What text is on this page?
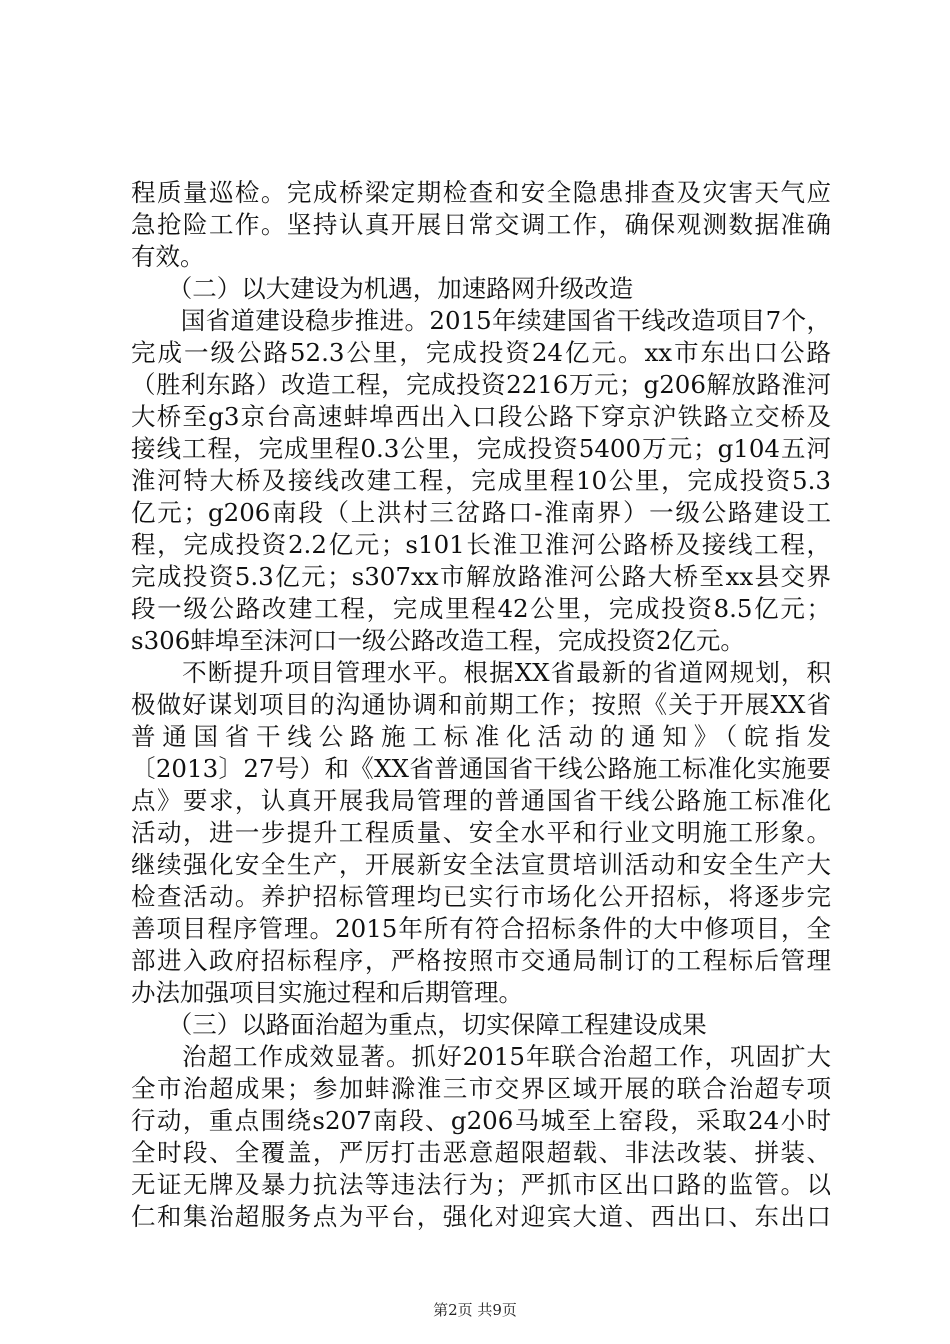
程质量巡检。完成桥梁定期检查和安全隐患排查及灾害天气应
急抢险工作。坚持认真开展日常交调工作，确保观测数据准确
有效。
　　（二）以大建设为机遇，加速路网升级改造
　　国省道建设稳步推进。2015年续建国省干线改造项目7个，
完成一级公路52.3公里，完成投资24亿元。xx市东出口公路
（胜利东路）改造工程，完成投资2216万元；g206解放路淮河
大桥至g3京台高速蚌埠西出入口段公路下穿京沪铁路立交桥及
接线工程，完成里程0.3公里，完成投资5400万元；g104五河
淮河特大桥及接线改建工程，完成里程10公里，完成投资5.3
亿元；g206南段（上洪村三岔路口-淮南界）一级公路建设工
程，完成投资2.2亿元；s101长淮卫淮河公路桥及接线工程，
完成投资5.3亿元；s307xx市解放路淮河公路大桥至xx县交界
段一级公路改建工程，完成里程42公里，完成投资8.5亿元；
s306蚌埠至沫河口一级公路改造工程，完成投资2亿元。
　　不断提升项目管理水平。根据XX省最新的省道网规划，积
极做好谋划项目的沟通协调和前期工作；按照《关于开展XX省
普通国省干线公路施工标准化活动的通知》（皖指发
〔2013〕27号）和《XX省普通国省干线公路施工标准化实施要
点》要求，认真开展我局管理的普通国省干线公路施工标准化
活动，进一步提升工程质量、安全水平和行业文明施工形象。
继续强化安全生产，开展新安全法宣贯培训活动和安全生产大
检查活动。养护招标管理均已实行市场化公开招标，将逐步完
善项目程序管理。2015年所有符合招标条件的大中修项目，全
部进入政府招标程序，严格按照市交通局制订的工程标后管理
办法加强项目实施过程和后期管理。
　　（三）以路面治超为重点，切实保障工程建设成果
　　治超工作成效显著。抓好2015年联合治超工作，巩固扩大
全市治超成果；参加蚌滁淮三市交界区域开展的联合治超专项
行动，重点围绕s207南段、g206马城至上窑段，采取24小时
全时段、全覆盖，严厉打击恶意超限超载、非法改装、拼装、
无证无牌及暴力抗法等违法行为；严抓市区出口路的监管。以
仁和集治超服务点为平台，强化对迎宾大道、西出口、东出口
第2页 共9页
